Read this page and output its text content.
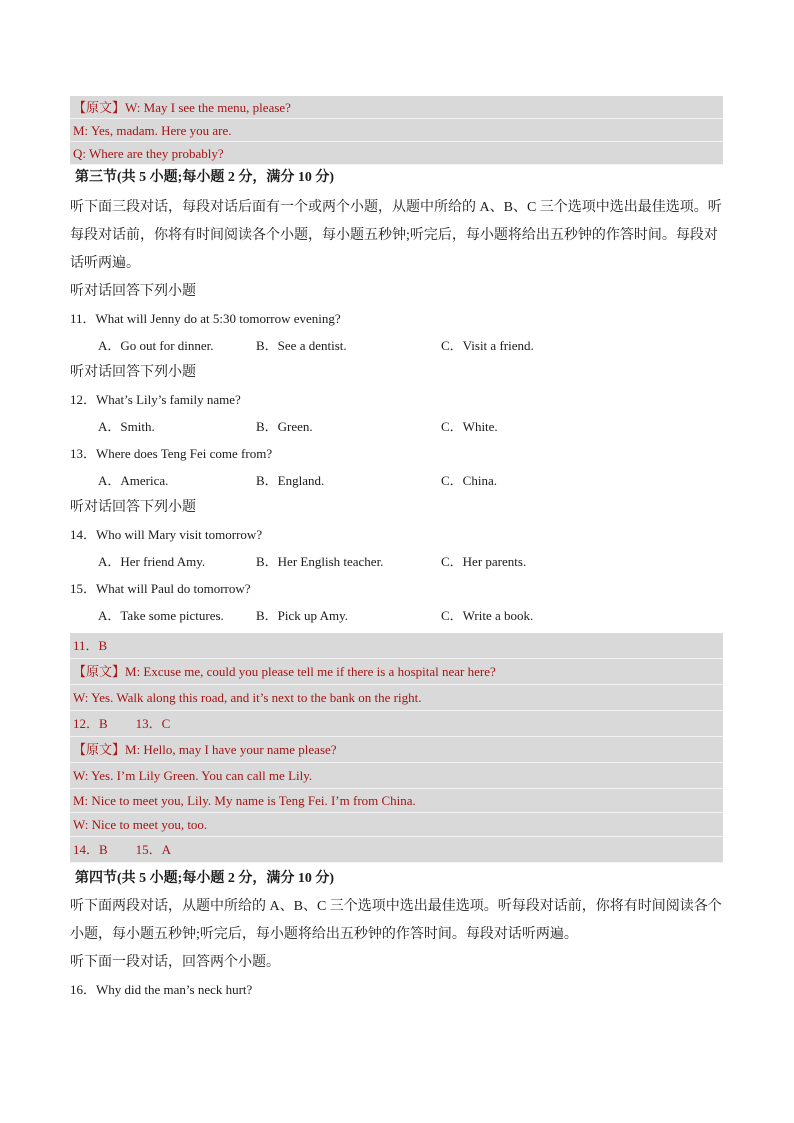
【原文】W: May I see the menu, please?
M: Yes, madam. Here you are.
Q: Where are they probably?
第三节(共 5 小题;每小题 2 分，满分 10 分)
听下面三段对话，每段对话后面有一个或两个小题，从题中所给的 A、B、C 三个选项中选出最佳选项。听每段对话前，你将有时间阅读各个小题，每小题五秒钟;听完后，每小题将给出五秒钟的作答时间。每段对话听两遍。
听对话回答下列小题
11．What will Jenny do at 5:30 tomorrow evening?
A．Go out for dinner.	B．See a dentist.	C．Visit a friend.
听对话回答下列小题
12．What’s Lily’s family name?
A．Smith.	B．Green.	C．White.
13．Where does Teng Fei come from?
A．America.	B．England.	C．China.
听对话回答下列小题
14．Who will Mary visit tomorrow?
A．Her friend Amy.	B．Her English teacher.	C．Her parents.
15．What will Paul do tomorrow?
A．Take some pictures. B．Pick up Amy.	C．Write a book.
11．B
【原文】M: Excuse me, could you please tell me if there is a hospital near here?
W: Yes. Walk along this road, and it’s next to the bank on the right.
12．B 13．C
【原文】M: Hello, may I have your name please?
W: Yes. I’m Lily Green. You can call me Lily.
M: Nice to meet you, Lily. My name is Teng Fei. I’m from China.
W: Nice to meet you, too.
14．B 15．A
第四节(共 5 小题;每小题 2 分，满分 10 分)
听下面两段对话，从题中所给的 A、B、C 三个选项中选出最佳选项。听每段对话前，你将有时间阅读各个小题，每小题五秒钟;听完后，每小题将给出五秒钟的作答时间。每段对话听两遍。
听下面一段对话，回答两个小题。
16．Why did the man’s neck hurt?
